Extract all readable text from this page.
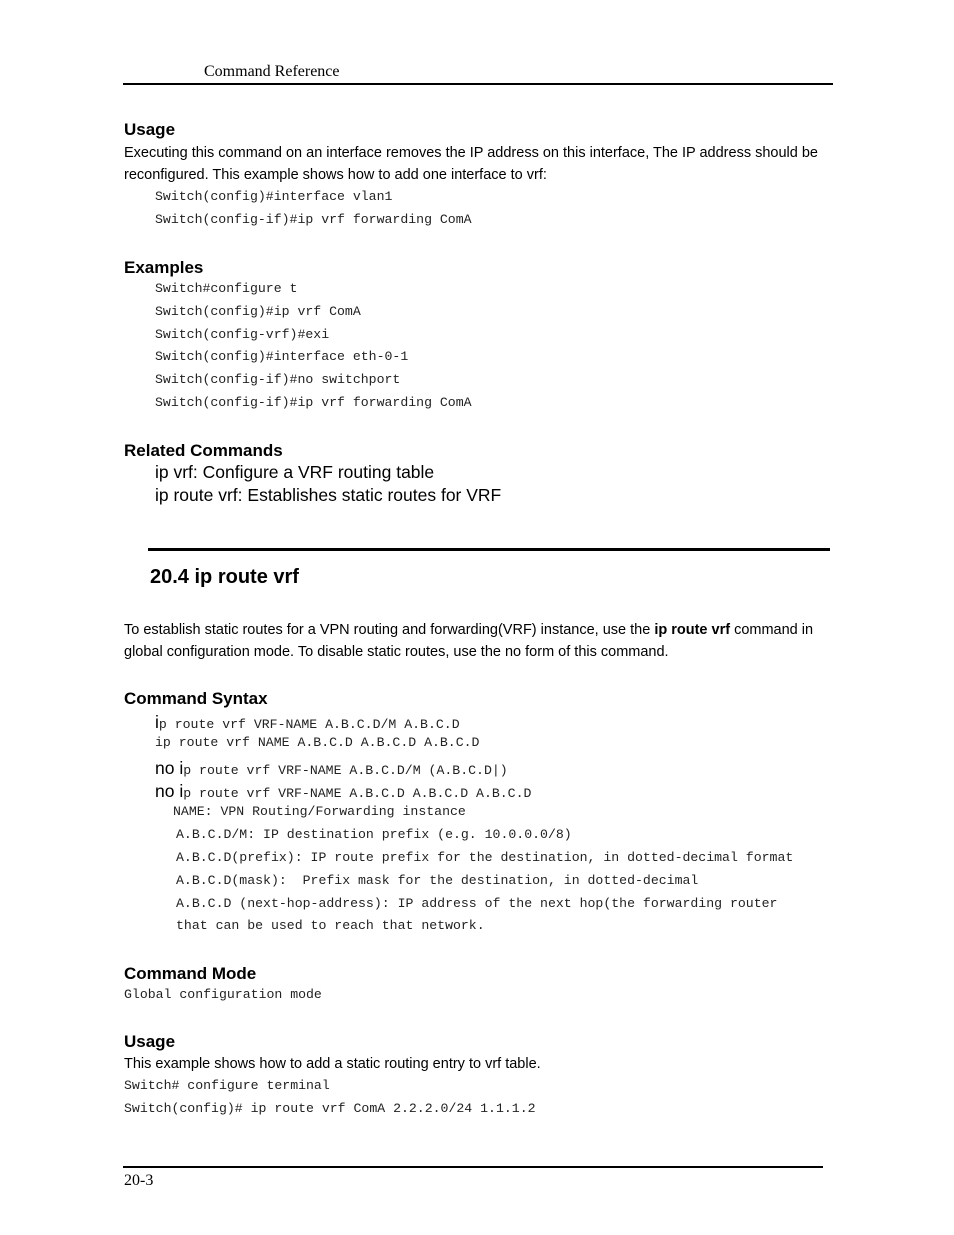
Command Reference
Usage
Executing this command on an interface removes the IP address on this interface, The IP address should be
reconfigured. This example shows how to add one interface to vrf:
Switch(config)#interface vlan1
Switch(config-if)#ip vrf forwarding ComA
Examples
Switch#configure t
Switch(config)#ip vrf ComA
Switch(config-vrf)#exi
Switch(config)#interface eth-0-1
Switch(config-if)#no switchport
Switch(config-if)#ip vrf forwarding ComA
Related Commands
ip vrf: Configure a VRF routing table
ip route vrf: Establishes static routes for VRF
20.4 ip route vrf
To establish static routes for a VPN routing and forwarding(VRF) instance, use the ip route vrf command in
global configuration mode. To disable static routes, use the no form of this command.
Command Syntax
ip route vrf VRF-NAME A.B.C.D/M A.B.C.D
ip route vrf NAME A.B.C.D A.B.C.D A.B.C.D
no ip route vrf VRF-NAME A.B.C.D/M (A.B.C.D|)
no ip route vrf VRF-NAME A.B.C.D A.B.C.D A.B.C.D
NAME: VPN Routing/Forwarding instance
A.B.C.D/M: IP destination prefix (e.g. 10.0.0.0/8)
A.B.C.D(prefix): IP route prefix for the destination, in dotted-decimal format
A.B.C.D(mask):  Prefix mask for the destination, in dotted-decimal
A.B.C.D (next-hop-address): IP address of the next hop(the forwarding router
that can be used to reach that network.
Command Mode
Global configuration mode
Usage
This example shows how to add a static routing entry to vrf table.
Switch# configure terminal
Switch(config)# ip route vrf ComA 2.2.2.0/24 1.1.1.2
20-3
